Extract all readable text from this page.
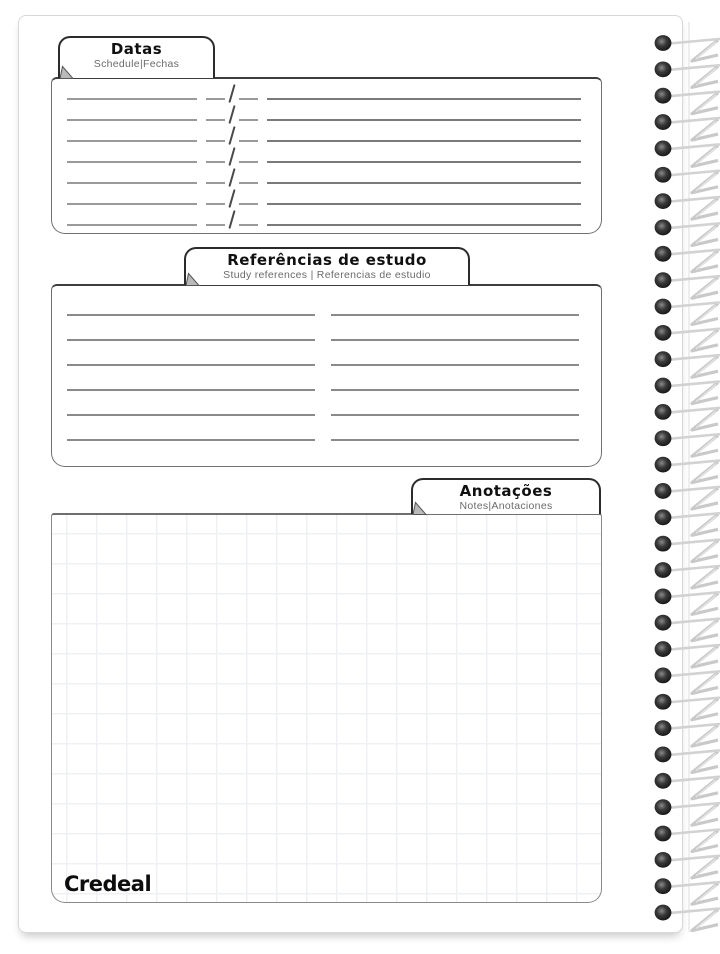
Datas
Schedule|Fechas
Referências de estudo
Study references | Referencias de estudio
Anotações
Notes|Anotaciones
Credeal
